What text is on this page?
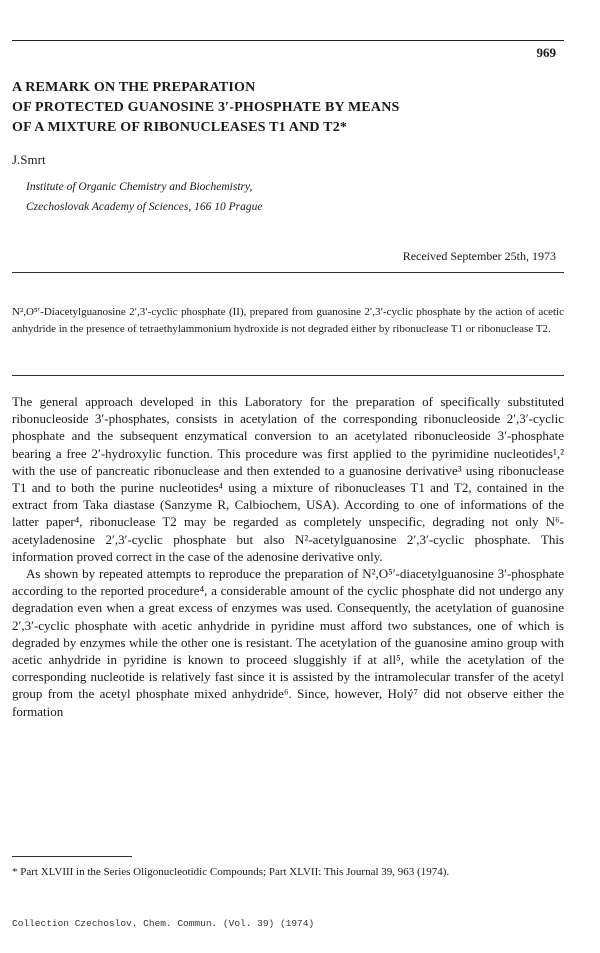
969
A REMARK ON THE PREPARATION
OF PROTECTED GUANOSINE 3′-PHOSPHATE BY MEANS
OF A MIXTURE OF RIBONUCLEASES T1 AND T2*
J.Smrt
Institute of Organic Chemistry and Biochemistry,
Czechoslovak Academy of Sciences, 166 10 Prague
Received September 25th, 1973
N²,O⁵′-Diacetylguanosine 2′,3′-cyclic phosphate (II), prepared from guanosine 2′,3′-cyclic phosphate by the action of acetic anhydride in the presence of tetraethylammonium hydroxide is not degraded either by ribonuclease T1 or ribonuclease T2.

The general approach developed in this Laboratory for the preparation of specifically substituted ribonucleoside 3′-phosphates, consists in acetylation of the corresponding ribonucleoside 2′,3′-cyclic phosphate and the subsequent enzymatical conversion to an acetylated ribonucleoside 3′-phosphate bearing a free 2′-hydroxylic function. This procedure was first applied to the pyrimidine nucleotides¹,² with the use of pancreatic ribonuclease and then extended to a guanosine derivative³ using ribonuclease T1 and to both the purine nucleotides⁴ using a mixture of ribonucleases T1 and T2, contained in the extract from Taka diastase (Sanzyme R, Calbiochem, USA). According to one of informations of the latter paper⁴, ribonuclease T2 may be regarded as completely unspecific, degrading not only N⁶-acetyladenosine 2′,3′-cyclic phosphate but also N²-acetylguanosine 2′,3′-cyclic phosphate. This information proved correct in the case of the adenosine derivative only.

As shown by repeated attempts to reproduce the preparation of N²,O⁵′-diacetylguanosine 3′-phosphate according to the reported procedure⁴, a considerable amount of the cyclic phosphate did not undergo any degradation even when a great excess of enzymes was used. Consequently, the acetylation of guanosine 2′,3′-cyclic phosphate with acetic anhydride in pyridine must afford two substances, one of which is degraded by enzymes while the other one is resistant. The acetylation of the guanosine amino group with acetic anhydride in pyridine is known to proceed sluggishly if at all⁵, while the acetylation of the corresponding nucleotide is relatively fast since it is assisted by the intramolecular transfer of the acetyl group from the acetyl phosphate mixed anhydride⁶. Since, however, Holý⁷ did not observe either the formation

* Part XLVIII in the Series Oligonucleotidic Compounds; Part XLVII: This Journal 39, 963 (1974).
Collection Czechoslov. Chem. Commun. (Vol. 39) (1974)
